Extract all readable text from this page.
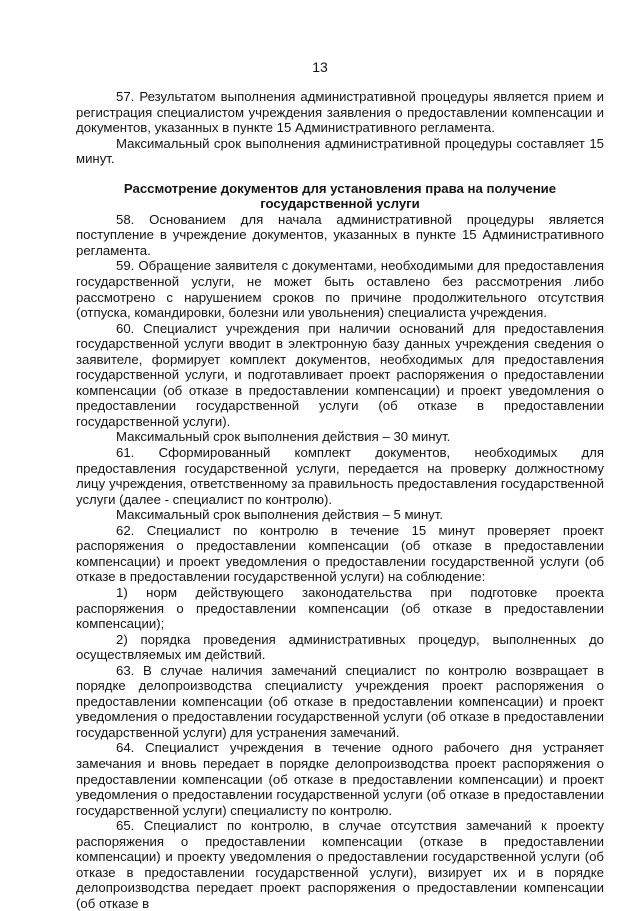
13

57. Результатом выполнения административной процедуры является прием и регистрация специалистом учреждения заявления о предоставлении компенсации и документов, указанных в пункте 15 Административного регламента.

Максимальный срок выполнения административной процедуры составляет 15 минут.

Рассмотрение документов для установления права на получение государственной услуги

58. Основанием для начала административной процедуры является поступление в учреждение документов, указанных в пункте 15 Административного регламента.

59. Обращение заявителя с документами, необходимыми для предоставления государственной услуги, не может быть оставлено без рассмотрения либо рассмотрено с нарушением сроков по причине продолжительного отсутствия (отпуска, командировки, болезни или увольнения) специалиста учреждения.

60. Специалист учреждения при наличии оснований для предоставления государственной услуги вводит в электронную базу данных учреждения сведения о заявителе, формирует комплект документов, необходимых для предоставления государственной услуги, и подготавливает проект распоряжения о предоставлении компенсации (об отказе в предоставлении компенсации) и проект уведомления о предоставлении государственной услуги (об отказе в предоставлении государственной услуги).

Максимальный срок выполнения действия – 30 минут.

61. Сформированный комплект документов, необходимых для предоставления государственной услуги, передается на проверку должностному лицу учреждения, ответственному за правильность предоставления государственной услуги (далее - специалист по контролю).

Максимальный срок выполнения действия – 5 минут.

62. Специалист по контролю в течение 15 минут проверяет проект распоряжения о предоставлении компенсации (об отказе в предоставлении компенсации) и проект уведомления о предоставлении государственной услуги (об отказе в предоставлении государственной услуги) на соблюдение:

1) норм действующего законодательства при подготовке проекта распоряжения о предоставлении компенсации (об отказе в предоставлении компенсации);

2) порядка проведения административных процедур, выполненных до осуществляемых им действий.

63. В случае наличия замечаний специалист по контролю возвращает в порядке делопроизводства специалисту учреждения проект распоряжения о предоставлении компенсации (об отказе в предоставлении компенсации) и проект уведомления о предоставлении государственной услуги (об отказе в предоставлении государственной услуги) для устранения замечаний.

64. Специалист учреждения в течение одного рабочего дня устраняет замечания и вновь передает в порядке делопроизводства проект распоряжения о предоставлении компенсации (об отказе в предоставлении компенсации) и проект уведомления о предоставлении государственной услуги (об отказе в предоставлении государственной услуги) специалисту по контролю.

65. Специалист по контролю, в случае отсутствия замечаний к проекту распоряжения о предоставлении компенсации (отказе в предоставлении компенсации) и проекту уведомления о предоставлении государственной услуги (об отказе в предоставлении государственной услуги), визирует их и в порядке делопроизводства передает проект распоряжения о предоставлении компенсации (об отказе в
